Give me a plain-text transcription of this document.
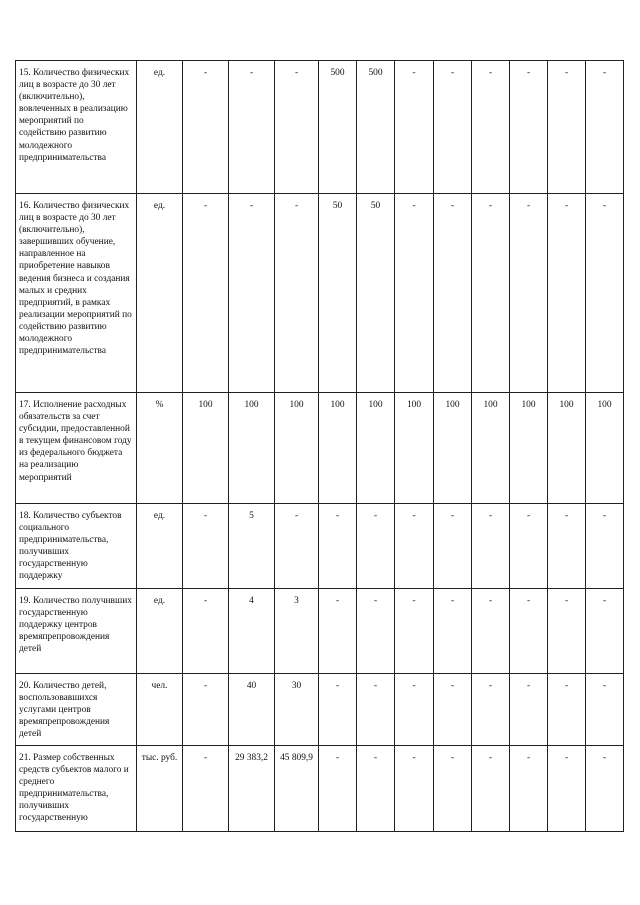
15. Количество физических лиц в возрасте до 30 лет (включительно), вовлеченных в реализацию мероприятий по содействию развитию молодежного предпринимательства	ед.	-	-	-	500	500	-	-	-	-	-	-
16. Количество физических лиц в возрасте до 30 лет (включительно), завершивших обучение, направленное на приобретение навыков ведения бизнеса и создания малых и средних предприятий, в рамках реализации мероприятий по содействию развитию молодежного предпринимательства	ед.	-	-	-	50	50	-	-	-	-	-	-
17. Исполнение расходных обязательств за счет субсидии, предоставленной в текущем финансовом году из федерального бюджета на реализацию мероприятий	%	100	100	100	100	100	100	100	100	100	100	100
18. Количество субъектов социального предпринимательства, получивших государственную поддержку	ед.	-	5	-	-	-	-	-	-	-	-	-
19. Количество получивших государственную поддержку центров времяпрепровождения детей	ед.	-	4	3	-	-	-	-	-	-	-	-
20. Количество детей, воспользовавшихся услугами центров времяпрепровождения детей	чел.	-	40	30	-	-	-	-	-	-	-	-
21. Размер собственных средств субъектов малого и среднего предпринимательства, получивших государственную	тыс. руб.	-	29 383,2	45 809,9	-	-	-	-	-	-	-	-
